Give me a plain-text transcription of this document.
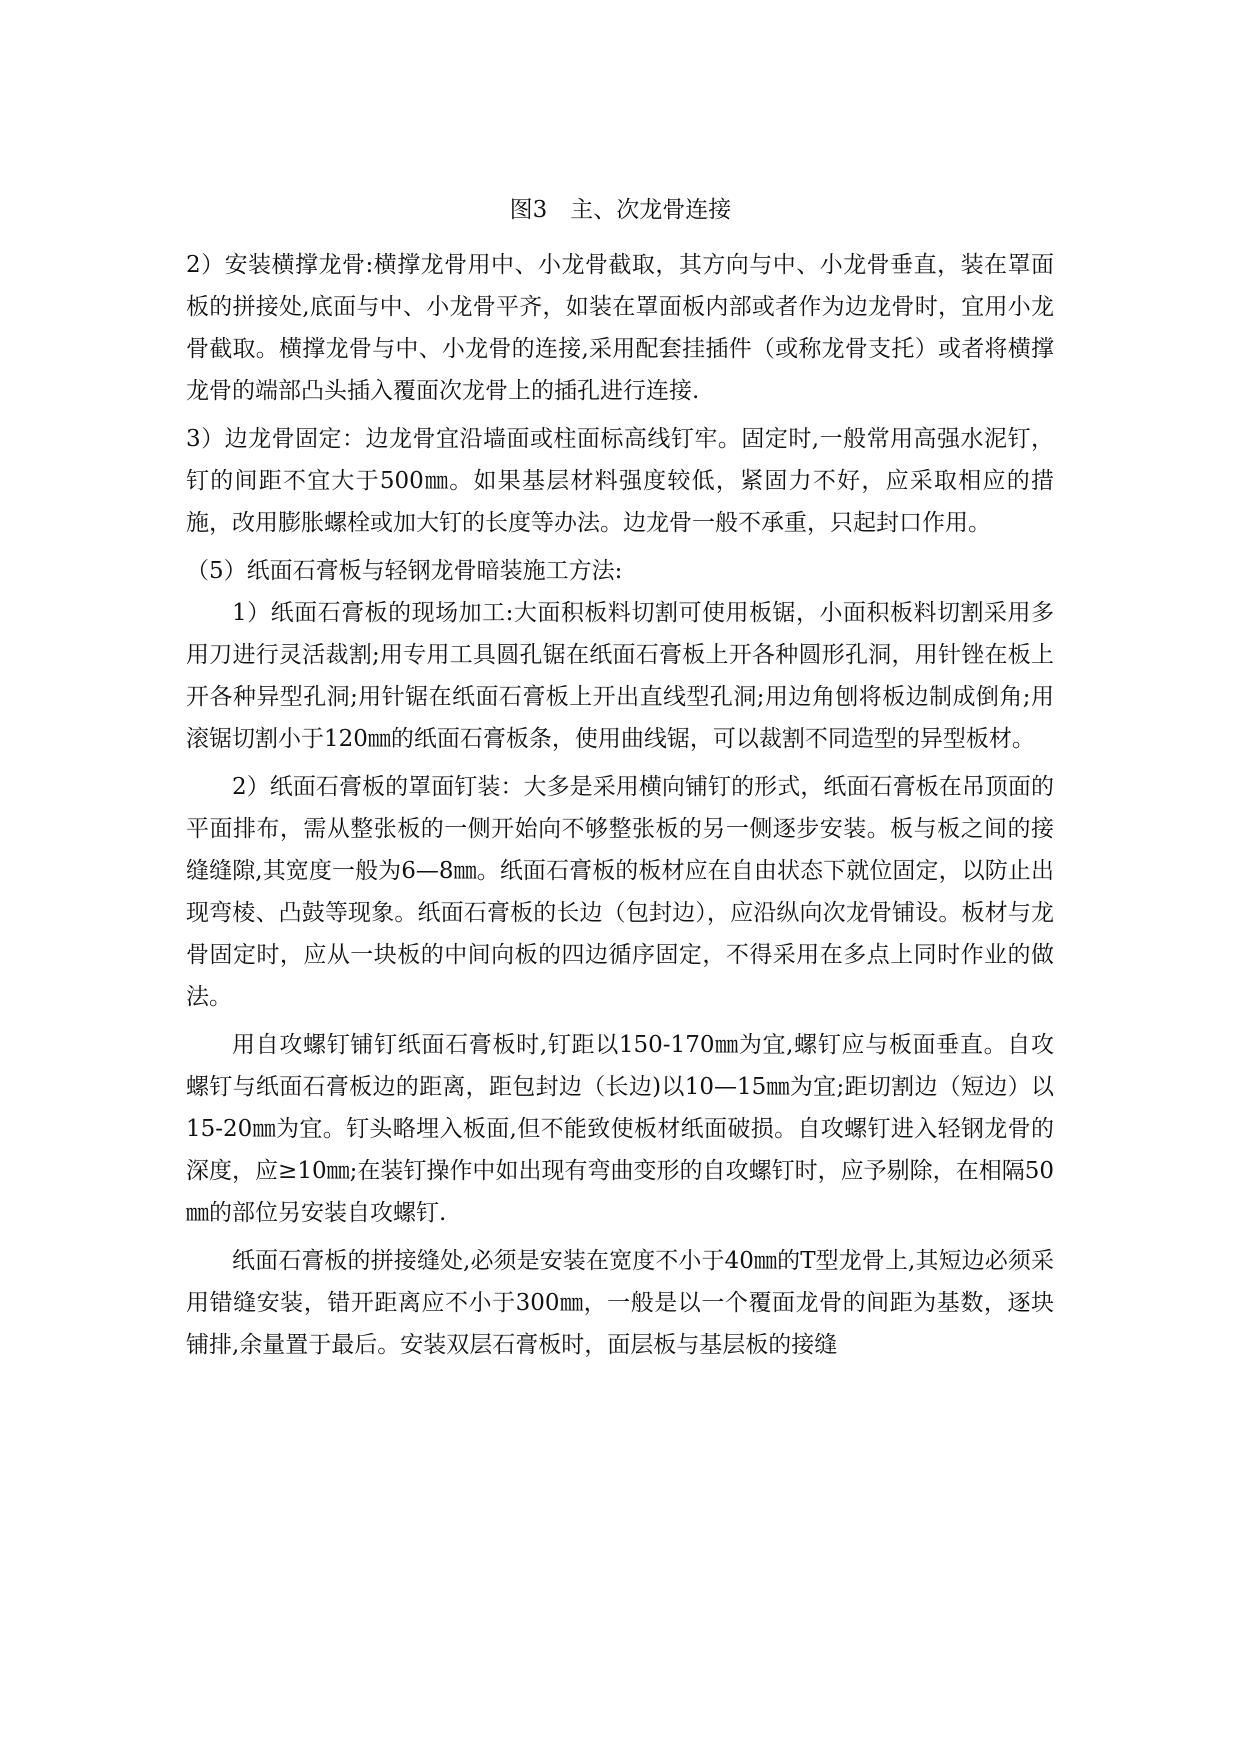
图3　主、次龙骨连接

2）安装横撑龙骨:横撑龙骨用中、小龙骨截取，其方向与中、小龙骨垂直，装在罩面板的拼接处,底面与中、小龙骨平齐，如装在罩面板内部或者作为边龙骨时，宜用小龙骨截取。横撑龙骨与中、小龙骨的连接,采用配套挂插件（或称龙骨支托）或者将横撑龙骨的端部凸头插入覆面次龙骨上的插孔进行连接.

3）边龙骨固定：边龙骨宜沿墙面或柱面标高线钉牢。固定时,一般常用高强水泥钉，钉的间距不宜大于500㎜。如果基层材料强度较低，紧固力不好，应采取相应的措施，改用膨胀螺栓或加大钉的长度等办法。边龙骨一般不承重，只起封口作用。

（5）纸面石膏板与轻钢龙骨暗装施工方法:

1）纸面石膏板的现场加工:大面积板料切割可使用板锯，小面积板料切割采用多用刀进行灵活裁割;用专用工具圆孔锯在纸面石膏板上开各种圆形孔洞，用针锉在板上开各种异型孔洞;用针锯在纸面石膏板上开出直线型孔洞;用边角刨将板边制成倒角;用滚锯切割小于120㎜的纸面石膏板条，使用曲线锯，可以裁割不同造型的异型板材。

2）纸面石膏板的罩面钉装：大多是采用横向铺钉的形式，纸面石膏板在吊顶面的平面排布，需从整张板的一侧开始向不够整张板的另一侧逐步安装。板与板之间的接缝缝隙,其宽度一般为6—8㎜。纸面石膏板的板材应在自由状态下就位固定，以防止出现弯棱、凸鼓等现象。纸面石膏板的长边（包封边），应沿纵向次龙骨铺设。板材与龙骨固定时，应从一块板的中间向板的四边循序固定，不得采用在多点上同时作业的做法。

用自攻螺钉铺钉纸面石膏板时,钉距以150-170㎜为宜,螺钉应与板面垂直。自攻螺钉与纸面石膏板边的距离，距包封边（长边)以10—15㎜为宜;距切割边（短边）以15-20㎜为宜。钉头略埋入板面,但不能致使板材纸面破损。自攻螺钉进入轻钢龙骨的深度，应≥10㎜;在装钉操作中如出现有弯曲变形的自攻螺钉时，应予剔除，在相隔50㎜的部位另安装自攻螺钉.

纸面石膏板的拼接缝处,必须是安装在宽度不小于40㎜的T型龙骨上,其短边必须采用错缝安装，错开距离应不小于300㎜，一般是以一个覆面龙骨的间距为基数，逐块铺排,余量置于最后。安装双层石膏板时，面层板与基层板的接缝
